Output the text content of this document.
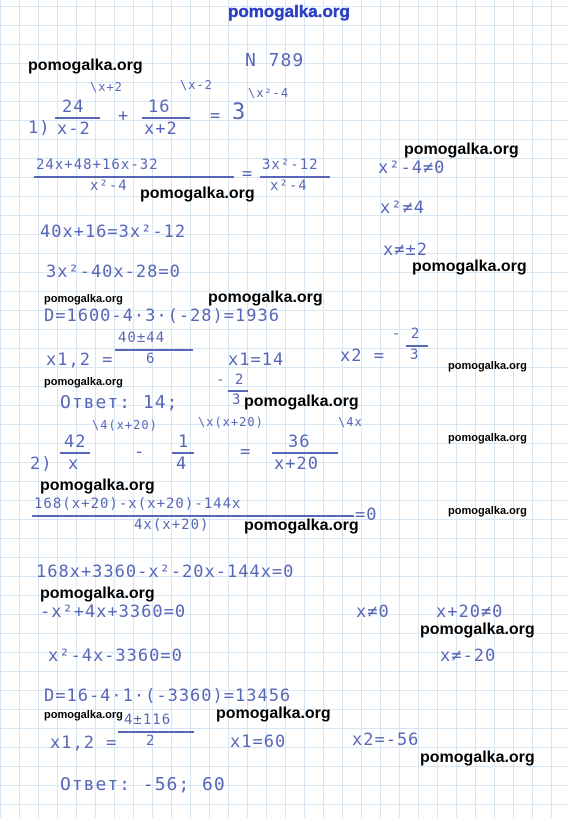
pomogalka.org
N 789
\x+2	\x-2
1)
24
x-2
+ 16
x+2
= 3
\x²-4
24x+48+16x-32
x²-4
= 3x²-12
x²-4
x²-4≠0
x²≠4
x≠±2
40x+16=3x²-12
3x²-40x-28=0
D=1600-4·3·(-28)=1936
x1,2 =
40±44
6	x1=14	x2 =
- 2
3
Ответ: 14;
- 2
3
\4(x+20)	\x(x+20)	\4x
2)
42
x
- 1
4
= 36
x+20
168(x+20)-x(x+20)-144x
4x(x+20)	=0
168x+3360-x²-20x-144x=0
-x²+4x+3360=0	x≠0	x+20≠0
x≠-20
x²-4x-3360=0
D=16-4·1·(-3360)=13456
x1,2 =
4±116
2	x1=60	x2=-56
Ответ: -56; 60
pomogalka.org
pomogalka.org
pomogalka.org
pomogalka.org
pomogalka.org	pomogalka.org
pomogalka.org
pomogalka.org
pomogalka.org
pomogalka.org
pomogalka.org
pomogalka.org
pomogalka.org
pomogalka.org
pomogalka.org
pomogalka.org	pomogalka.org
pomogalka.org
